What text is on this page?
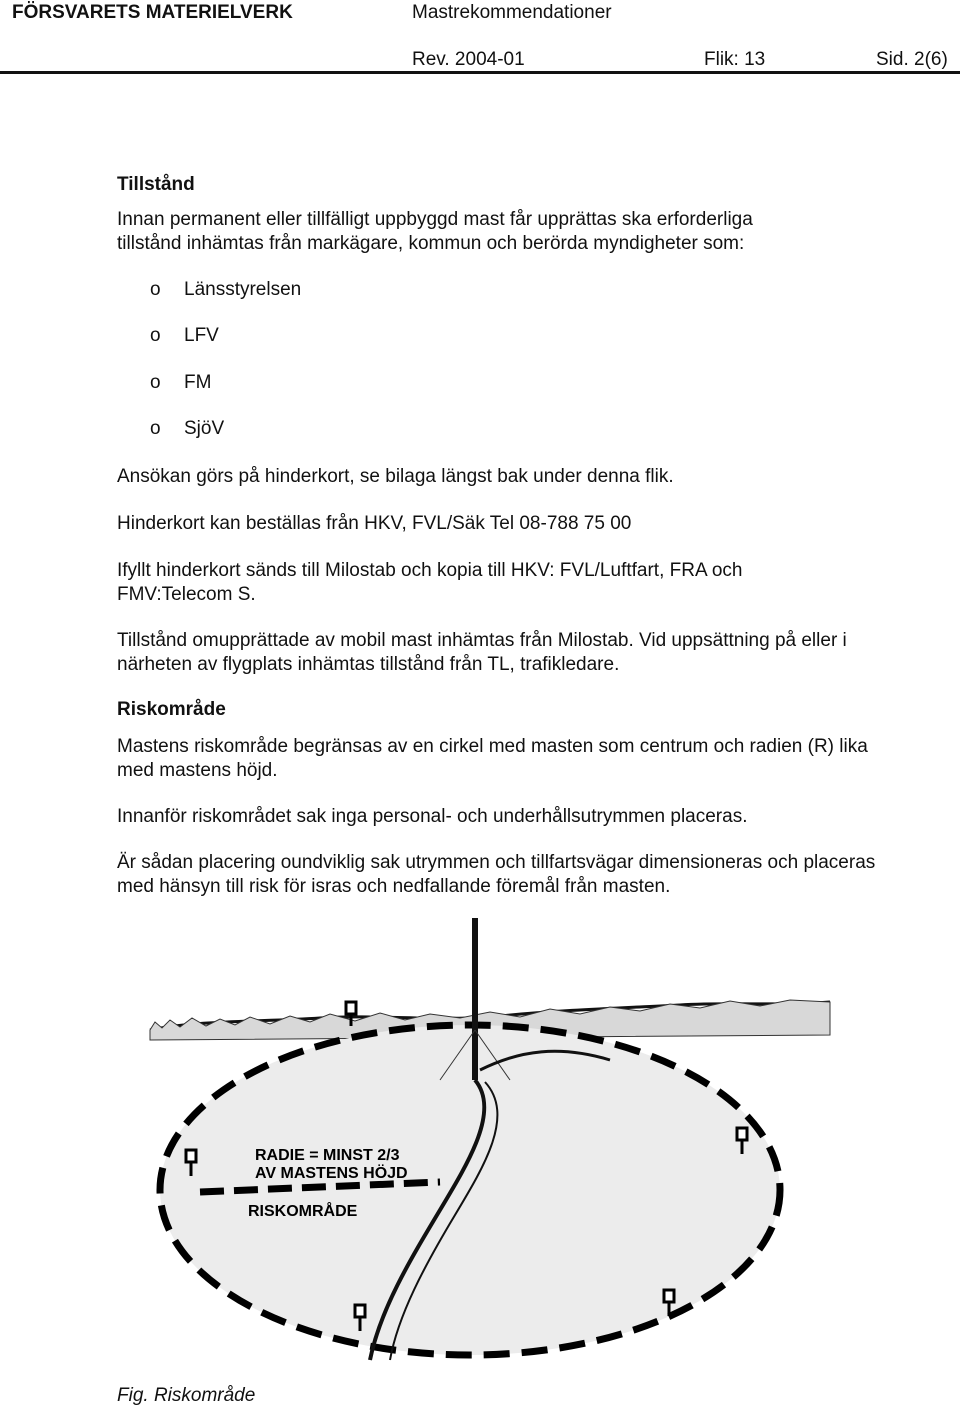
FÖRSVARETS MATERIELVERK	Mastrekommendationer
Rev. 2004-01	Flik: 13	Sid. 2(6)
Tillstånd
Innan permanent eller tillfälligt uppbyggd mast får upprättas ska erforderliga tillstånd inhämtas från markägare, kommun och berörda myndigheter som:
o Länsstyrelsen
o LFV
o FM
o SjöV
Ansökan görs på hinderkort, se bilaga längst bak under denna flik.
Hinderkort kan beställas från HKV, FVL/Säk Tel 08-788 75 00
Ifyllt hinderkort sänds till Milostab och kopia till HKV: FVL/Luftfart, FRA och FMV:Telecom S.
Tillstånd omupprättade av mobil mast inhämtas från Milostab. Vid uppsättning på eller i närheten av flygplats inhämtas tillstånd från TL, trafikledare.
Riskområde
Mastens riskområde begränsas av en cirkel med masten som centrum och radien (R) lika med mastens höjd.
Innanför riskområdet sak inga personal- och underhållsutrymmen placeras.
Är sådan placering oundviklig sak utrymmen och tillfartsvägar dimensioneras och placeras med hänsyn till risk för isras och nedfallande föremål från masten.
RADIE = MINST 2/3
AV MASTENS HÖJD
RISKOMRÅDE
Fig. Riskområde
